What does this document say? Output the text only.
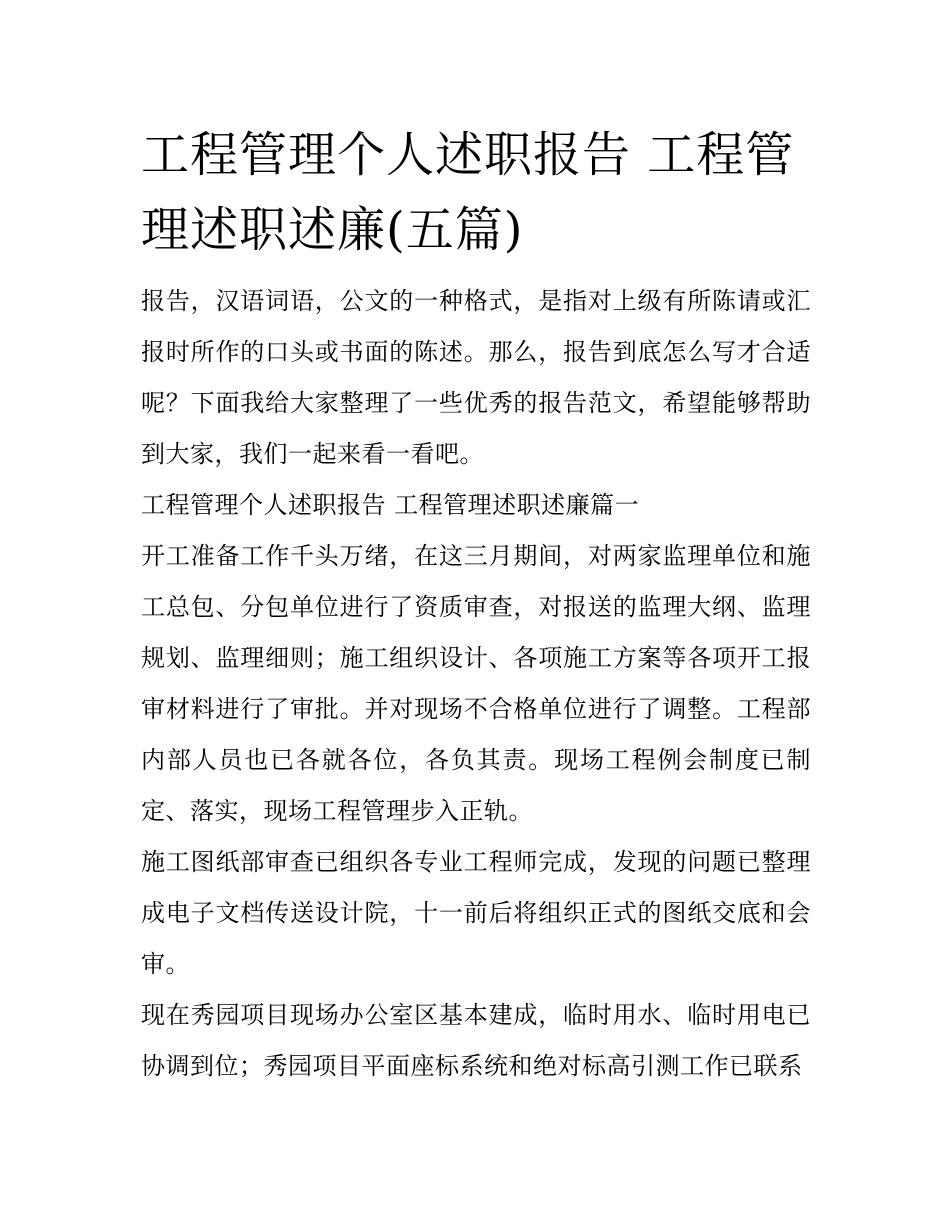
工程管理个人述职报告 工程管理述职述廉(五篇)

报告，汉语词语，公文的一种格式，是指对上级有所陈请或汇报时所作的口头或书面的陈述。那么，报告到底怎么写才合适呢？下面我给大家整理了一些优秀的报告范文，希望能够帮助到大家，我们一起来看一看吧。

工程管理个人述职报告 工程管理述职述廉篇一

开工准备工作千头万绪，在这三月期间，对两家监理单位和施工总包、分包单位进行了资质审查，对报送的监理大纲、监理规划、监理细则；施工组织设计、各项施工方案等各项开工报审材料进行了审批。并对现场不合格单位进行了调整。工程部内部人员也已各就各位，各负其责。现场工程例会制度已制定、落实，现场工程管理步入正轨。

施工图纸部审查已组织各专业工程师完成，发现的问题已整理成电子文档传送设计院，十一前后将组织正式的图纸交底和会审。

现在秀园项目现场办公室区基本建成，临时用水、临时用电已协调到位；秀园项目平面座标系统和绝对标高引测工作已联系
